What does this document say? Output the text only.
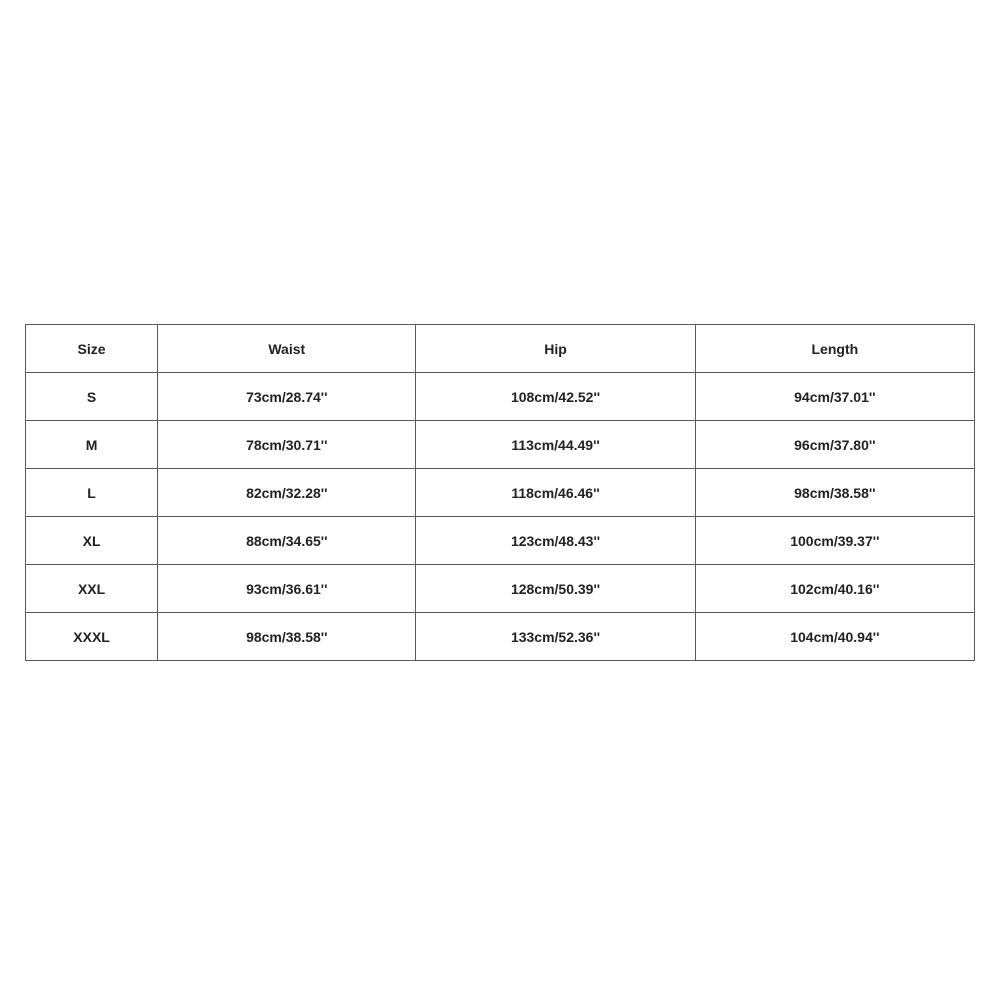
Size	Waist	Hip	Length
S	73cm/28.74''	108cm/42.52''	94cm/37.01''
M	78cm/30.71''	113cm/44.49''	96cm/37.80''
L	82cm/32.28''	118cm/46.46''	98cm/38.58''
XL	88cm/34.65''	123cm/48.43''	100cm/39.37''
XXL	93cm/36.61''	128cm/50.39''	102cm/40.16''
XXXL	98cm/38.58''	133cm/52.36''	104cm/40.94''
